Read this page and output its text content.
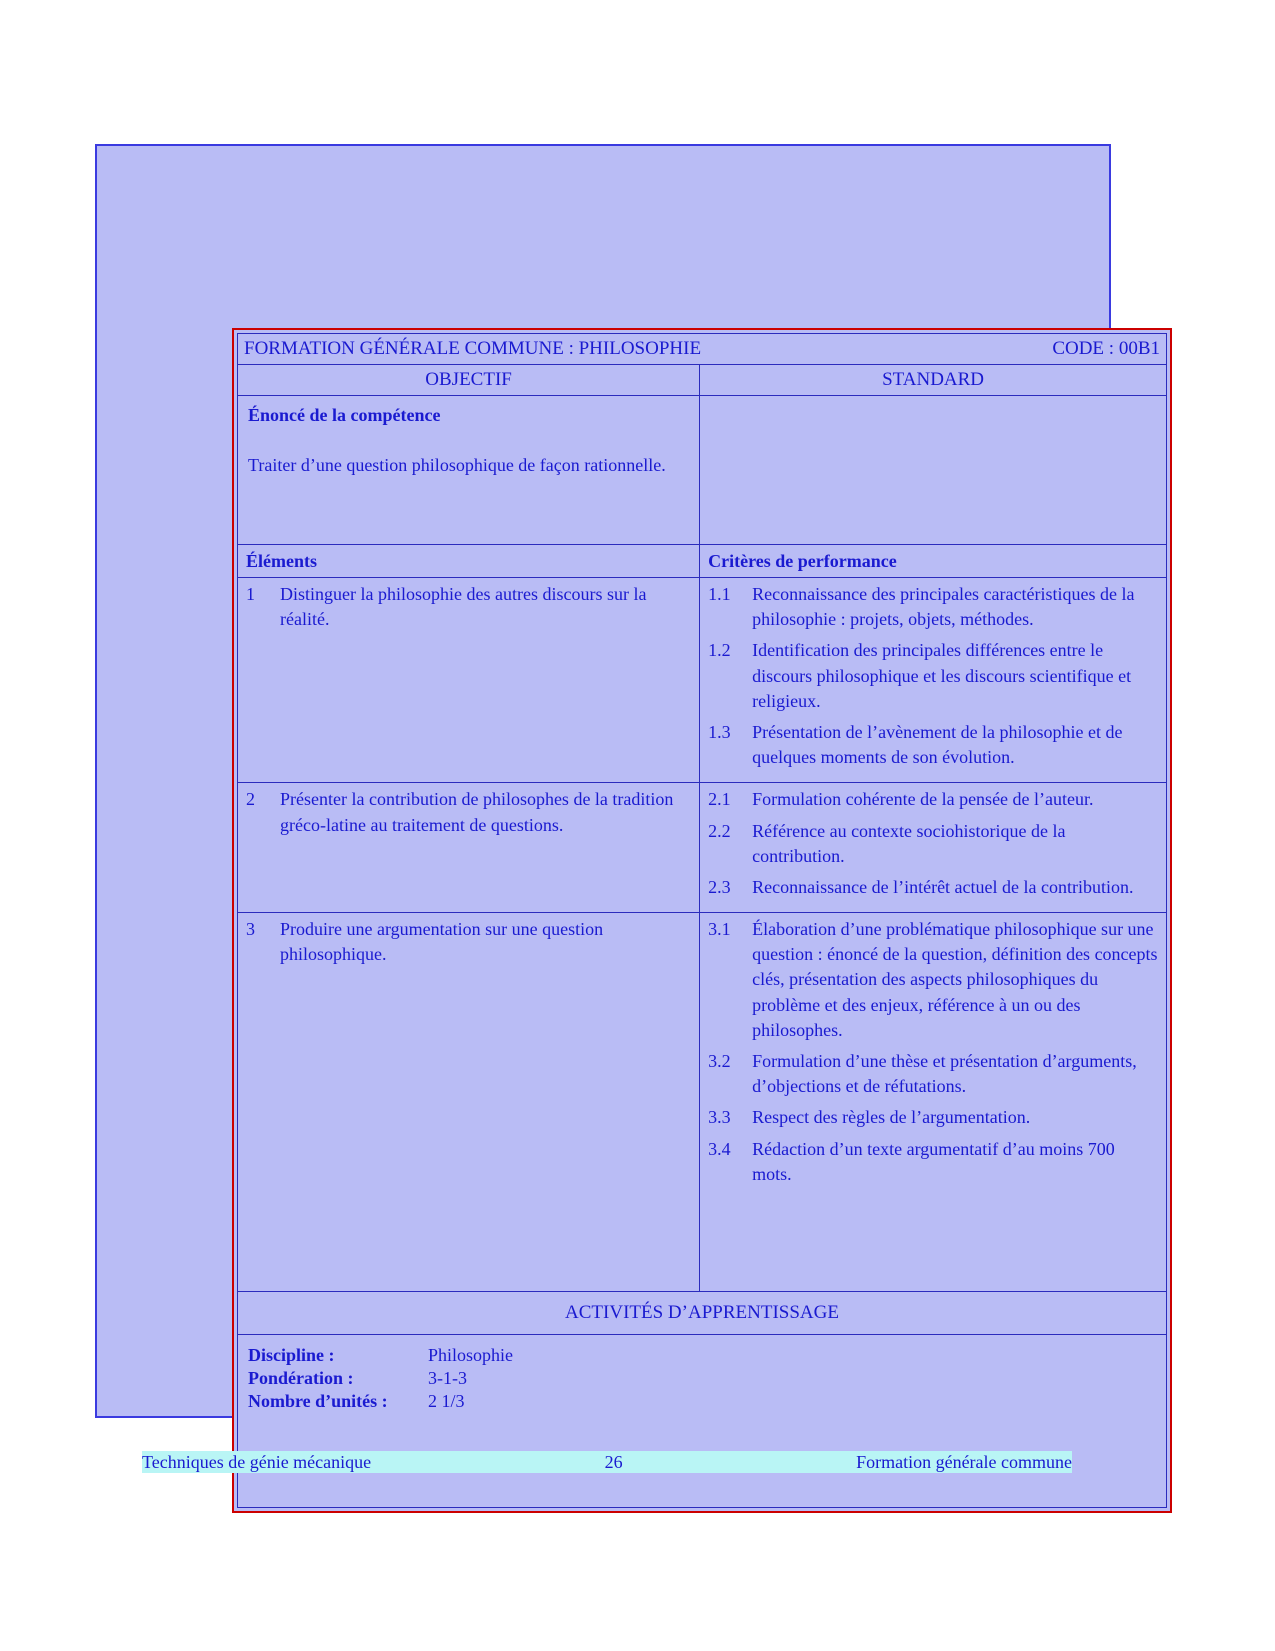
FORMATION GÉNÉRALE COMMUNE : PHILOSOPHIE	CODE : 00B1
OBJECTIF	STANDARD
Énoncé de la compétence
Traiter d’une question philosophique de façon rationnelle.
Éléments	Critères de performance
1	Distinguer la philosophie des autres discours sur la réalité.
1.1	Reconnaissance des principales caractéristiques de la philosophie : projets, objets, méthodes.
1.2	Identification des principales différences entre le discours philosophique et les discours scientifique et religieux.
1.3	Présentation de l’avènement de la philosophie et de quelques moments de son évolution.
2	Présenter la contribution de philosophes de la tradition gréco-latine au traitement de questions.
2.1	Formulation cohérente de la pensée de l’auteur.
2.2	Référence au contexte sociohistorique de la contribution.
2.3	Reconnaissance de l’intérêt actuel de la contribution.
3	Produire une argumentation sur une question philosophique.
3.1	Élaboration d’une problématique philosophique sur une question : énoncé de la question, définition des concepts clés, présentation des aspects philosophiques du problème et des enjeux, référence à un ou des philosophes.
3.2	Formulation d’une thèse et présentation d’arguments, d’objections et de réfutations.
3.3	Respect des règles de l’argumentation.
3.4	Rédaction d’un texte argumentatif d’au moins 700 mots.
ACTIVITÉS D’APPRENTISSAGE
Discipline :	Philosophie
Pondération :	3-1-3
Nombre d’unités :	2 1/3
Techniques de génie mécanique	26	Formation générale commune
